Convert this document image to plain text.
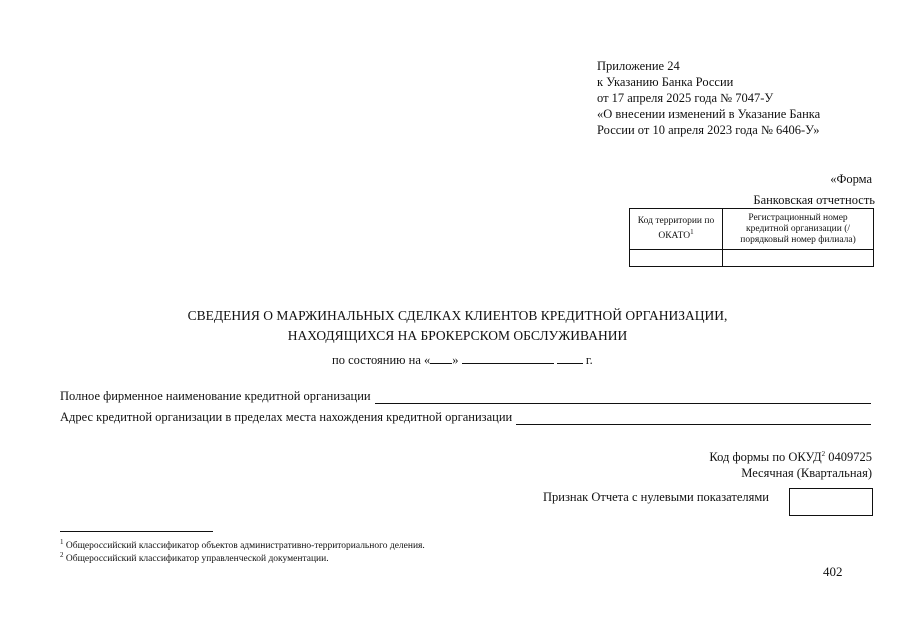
Приложение 24
к Указанию Банка России
от 17 апреля 2025 года № 7047-У
«О внесении изменений в Указание Банка
России от 10 апреля 2023 года № 6406-У»
«Форма
Банковская отчетность
Код территории по ОКАТО$^1$	Регистрационный номер кредитной организации (/ порядковый номер филиала)

СВЕДЕНИЯ О МАРЖИНАЛЬНЫХ СДЕЛКАХ КЛИЕНТОВ КРЕДИТНОЙ ОРГАНИЗАЦИИ,
НАХОДЯЩИХСЯ НА БРОКЕРСКОМ ОБСЛУЖИВАНИИ
по состоянию на « »	г.
Полное фирменное наименование кредитной организации
Адрес кредитной организации в пределах места нахождения кредитной организации
Код формы по ОКУД$^2$ 0409725
Месячная (Квартальная)
Признак Отчета с нулевыми показателями
$^1$ Общероссийский классификатор объектов административно-территориального деления.
$^2$ Общероссийский классификатор управленческой документации.
402
